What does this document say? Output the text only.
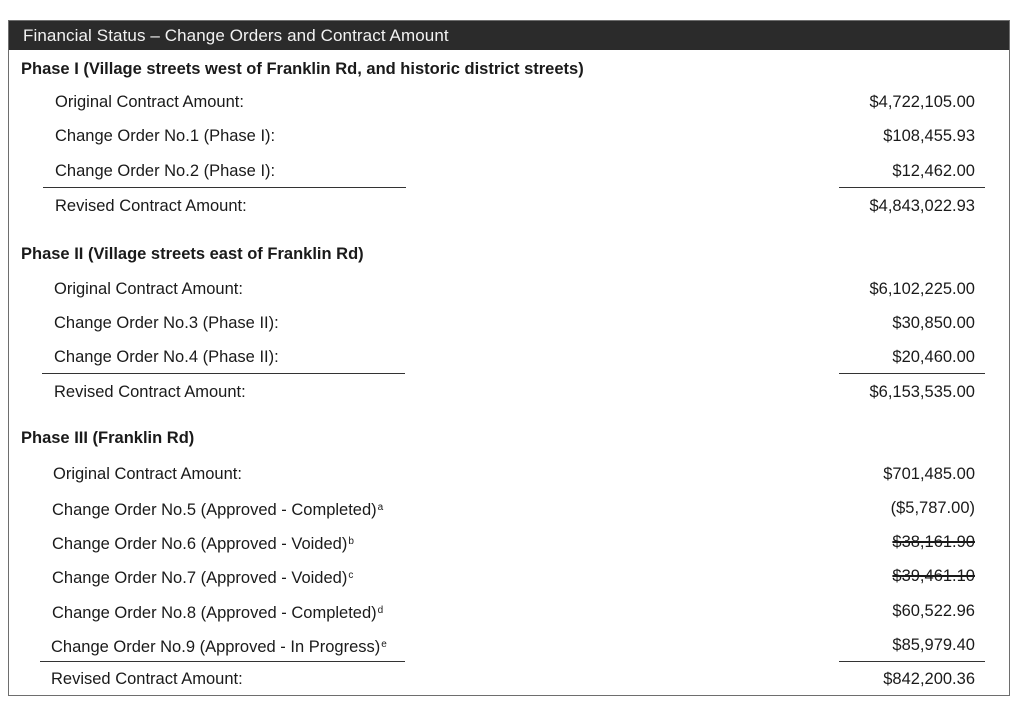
Financial Status – Change Orders and Contract Amount
Phase I (Village streets west of Franklin Rd, and historic district streets)
Original Contract Amount:	$4,722,105.00
Change Order No.1 (Phase I):	$108,455.93
Change Order No.2 (Phase I):	$12,462.00
Revised Contract Amount:	$4,843,022.93
Phase II (Village streets east of Franklin Rd)
Original Contract Amount:	$6,102,225.00
Change Order No.3 (Phase II):	$30,850.00
Change Order No.4 (Phase II):	$20,460.00
Revised Contract Amount:	$6,153,535.00
Phase III (Franklin Rd)
Original Contract Amount:	$701,485.00
Change Order No.5 (Approved - Completed)$^a$	($5,787.00)
Change Order No.6 (Approved - Voided)$^b$	$38,161.90
Change Order No.7 (Approved - Voided)$^c$	$39,461.10
Change Order No.8 (Approved - Completed)$^d$	$60,522.96
Change Order No.9 (Approved - In Progress)$^e$	$85,979.40
Revised Contract Amount:	$842,200.36
